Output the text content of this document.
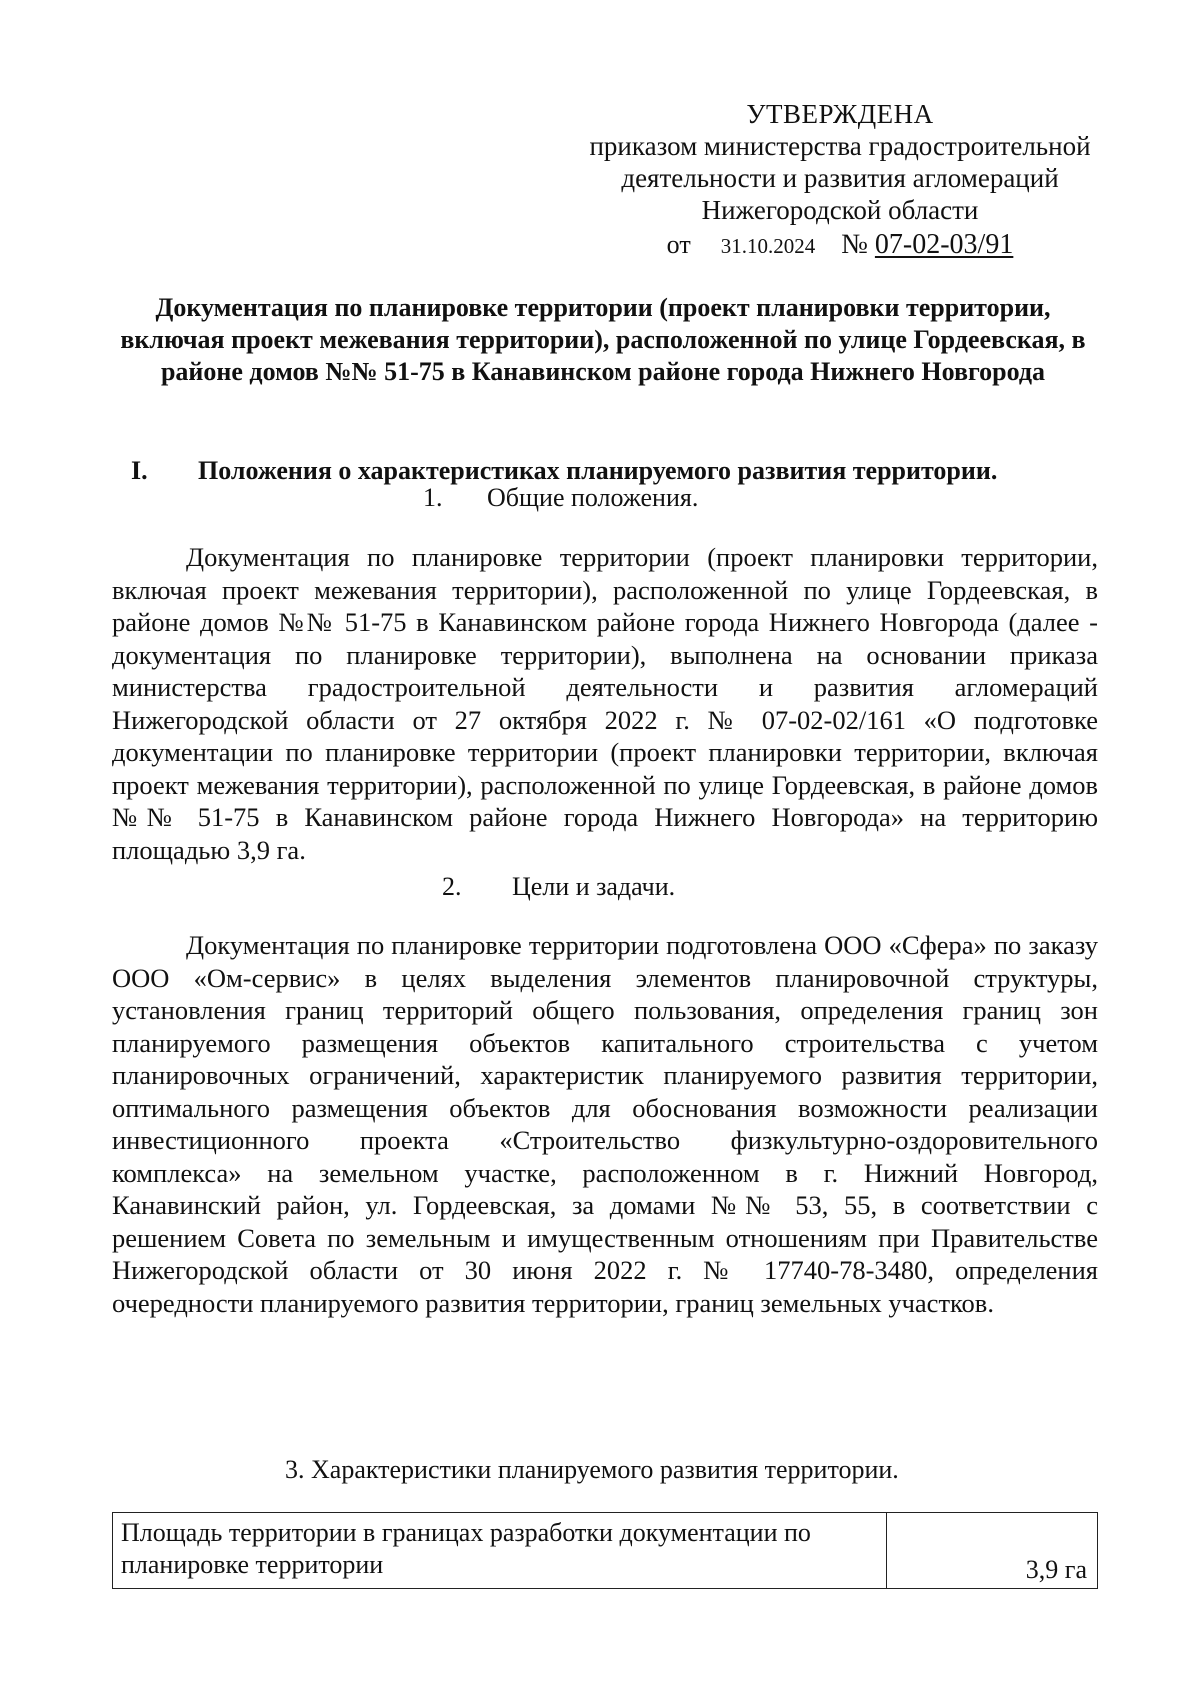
УТВЕРЖДЕНА
приказом министерства градостроительной
деятельности и развития агломераций
Нижегородской области
от 31.10.2024 № 07-02-03/91
Документация по планировке территории (проект планировки территории, включая проект межевания территории), расположенной по улице Гордеевская, в районе домов №№ 51-75 в Канавинском районе города Нижнего Новгорода
I. Положения о характеристиках планируемого развития территории.
1. Общие положения.
Документация по планировке территории (проект планировки территории, включая проект межевания территории), расположенной по улице Гордеевская, в районе домов №№ 51-75 в Канавинском районе города Нижнего Новгорода (далее - документация по планировке территории), выполнена на основании приказа министерства градостроительной деятельности и развития агломераций Нижегородской области от 27 октября 2022 г. № 07-02-02/161 «О подготовке документации по планировке территории (проект планировки территории, включая проект межевания территории), расположенной по улице Гордеевская, в районе домов №№ 51-75 в Канавинском районе города Нижнего Новгорода» на территорию площадью 3,9 га.
2. Цели и задачи.
Документация по планировке территории подготовлена ООО «Сфера» по заказу ООО «Ом-сервис» в целях выделения элементов планировочной структуры, установления границ территорий общего пользования, определения границ зон планируемого размещения объектов капитального строительства с учетом планировочных ограничений, характеристик планируемого развития территории, оптимального размещения объектов для обоснования возможности реализации инвестиционного проекта «Строительство физкультурно-оздоровительного комплекса» на земельном участке, расположенном в г. Нижний Новгород, Канавинский район, ул. Гордеевская, за домами №№ 53, 55, в соответствии с решением Совета по земельным и имущественным отношениям при Правительстве Нижегородской области от 30 июня 2022 г. № 17740-78-3480, определения очередности планируемого развития территории, границ земельных участков.
3. Характеристики планируемого развития территории.
Площадь территории в границах разработки документации по планировке территории	3,9 га
